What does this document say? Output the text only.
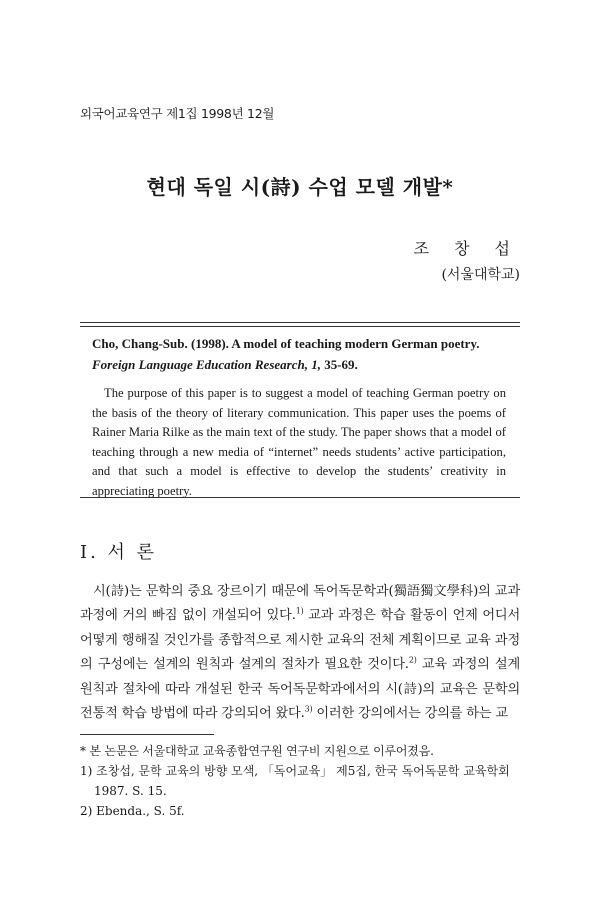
외국어교육연구 제1집 1998년 12월
현대 독일 시(詩) 수업 모델 개발*
조 창 섭
(서울대학교)
Cho, Chang-Sub. (1998). A model of teaching modern German poetry. Foreign Language Education Research, 1, 35-69.
The purpose of this paper is to suggest a model of teaching German poetry on the basis of the theory of literary communication. This paper uses the poems of Rainer Maria Rilke as the main text of the study. The paper shows that a model of teaching through a new media of “internet” needs students’ active participation, and that such a model is effective to develop the students’ creativity in appreciating poetry.
Ⅰ. 서 론
시(詩)는 문학의 중요 장르이기 때문에 독어독문학과(獨語獨文學科)의 교과 과정에 거의 빠짐 없이 개설되어 있다.$^{1)}$ 교과 과정은 학습 활동이 언제 어디서 어떻게 행해질 것인가를 종합적으로 제시한 교육의 전체 계획이므로 교육 과정의 구성에는 설계의 원칙과 설계의 절차가 필요한 것이다.$^{2)}$ 교육 과정의 설계 원칙과 절차에 따라 개설된 한국 독어독문학과에서의 시(詩)의 교육은 문학의 전통적 학습 방법에 따라 강의되어 왔다.$^{3)}$ 이러한 강의에서는 강의를 하는 교
* 본 논문은 서울대학교 교육종합연구원 연구비 지원으로 이루어졌음.
1) 조창섭, 문학 교육의 방향 모색, 「독어교육」 제5집, 한국 독어독문학 교육학회 1987. S. 15.
2) Ebenda., S. 5f.
